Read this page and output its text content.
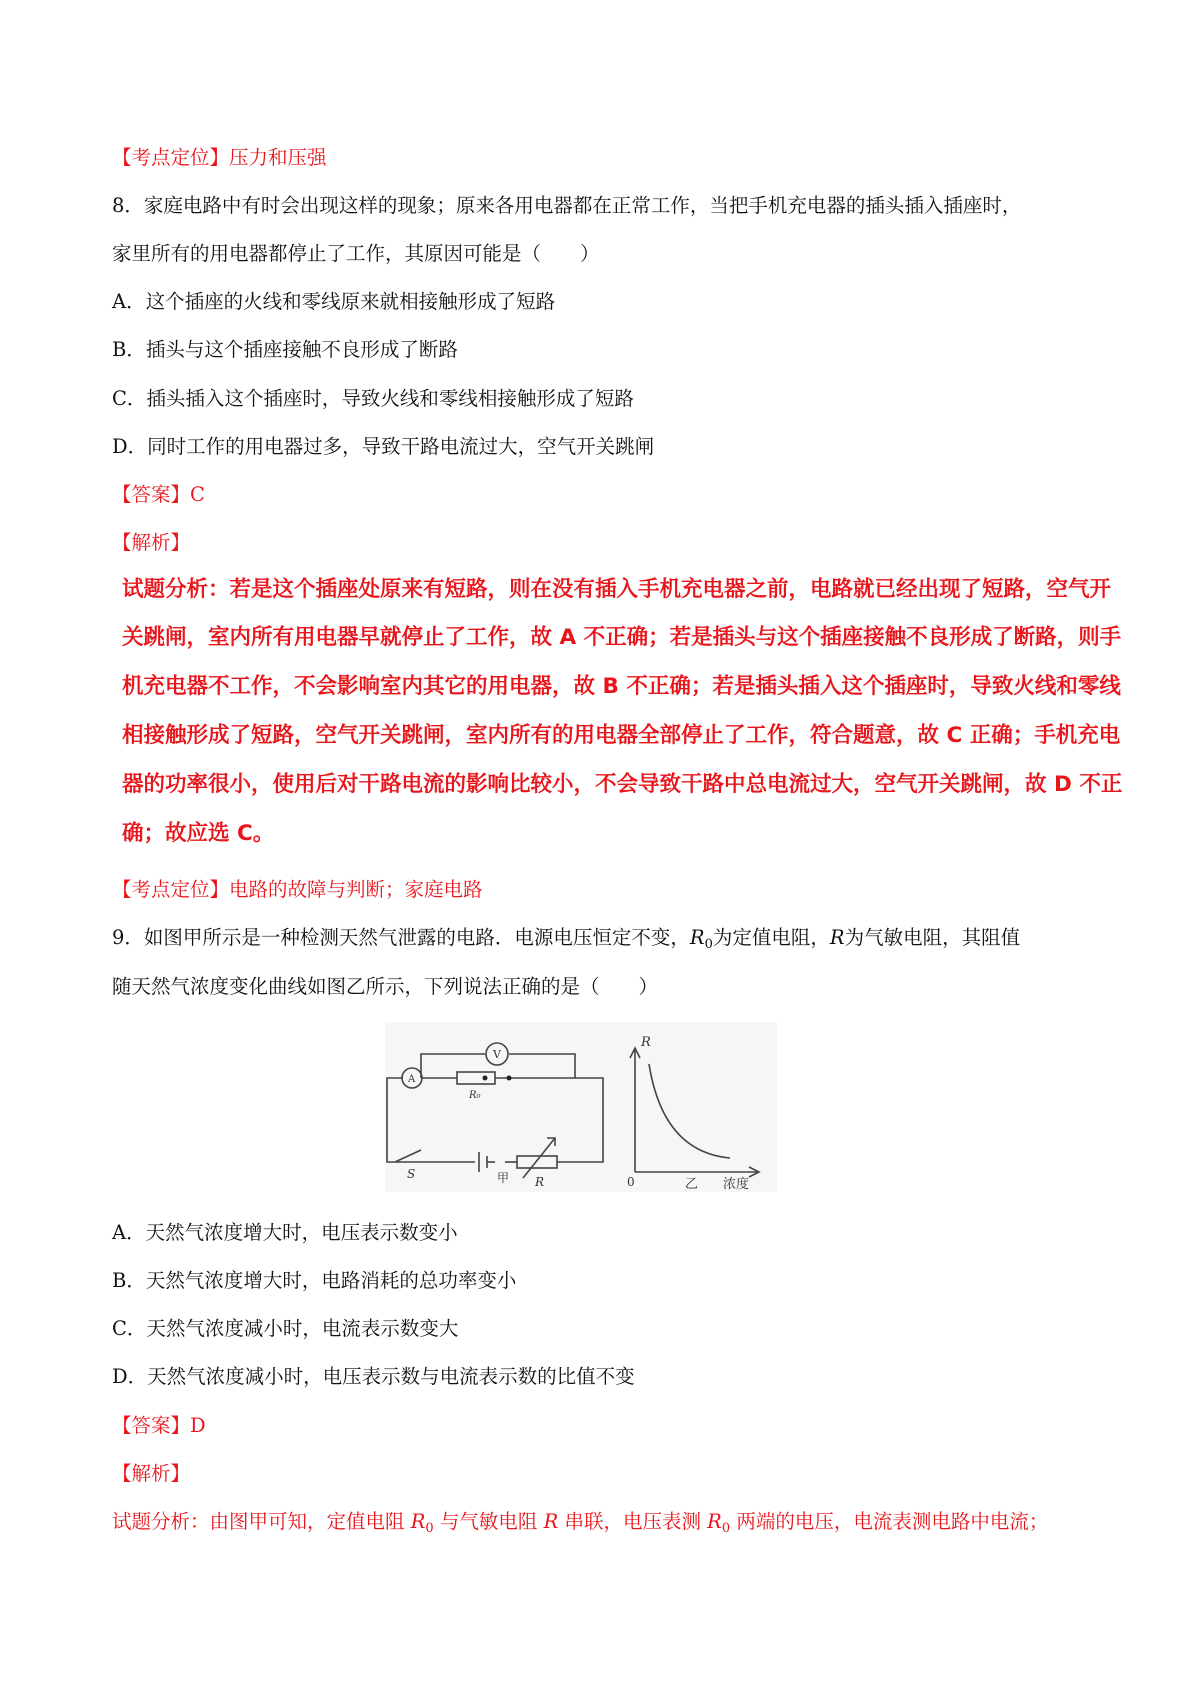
【考点定位】压力和压强
8．家庭电路中有时会出现这样的现象；原来各用电器都在正常工作，当把手机充电器的插头插入插座时，
家里所有的用电器都停止了工作，其原因可能是（　　）
A．这个插座的火线和零线原来就相接触形成了短路
B．插头与这个插座接触不良形成了断路
C．插头插入这个插座时，导致火线和零线相接触形成了短路
D．同时工作的用电器过多，导致干路电流过大，空气开关跳闸
【答案】C
【解析】

试题分析：若是这个插座处原来有短路，则在没有插入手机充电器之前，电路就已经出现了短路，空气开

关跳闸，室内所有用电器早就停止了工作，故 A 不正确；若是插头与这个插座接触不良形成了断路，则手

机充电器不工作，不会影响室内其它的用电器，故 B 不正确；若是插头插入这个插座时，导致火线和零线

相接触形成了短路，空气开关跳闸，室内所有的用电器全部停止了工作，符合题意，故 C 正确；手机充电

器的功率很小，使用后对干路电流的影响比较小，不会导致干路中总电流过大，空气开关跳闸，故 D 不正

确；故应选 C。

【考点定位】电路的故障与判断；家庭电路
9．如图甲所示是一种检测天然气泄露的电路．电源电压恒定不变，$R_0$为定值电阻，R为气敏电阻，其阻值
随天然气浓度变化曲线如图乙所示，下列说法正确的是（　　）
V
A
R₀
S	甲 R
R
0	乙 浓度
A．天然气浓度增大时，电压表示数变小
B．天然气浓度增大时，电路消耗的总功率变小
C．天然气浓度减小时，电流表示数变大
D．天然气浓度减小时，电压表示数与电流表示数的比值不变
【答案】D
【解析】
试题分析：由图甲可知，定值电阻 $R_0$ 与气敏电阻 R 串联，电压表测 $R_0$ 两端的电压，电流表测电路中电流；
